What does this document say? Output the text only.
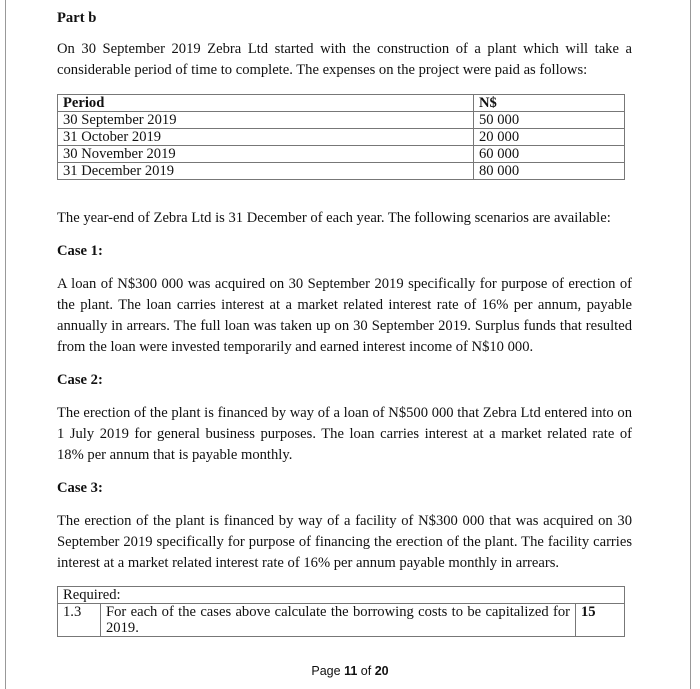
Part b
On 30 September 2019 Zebra Ltd started with the construction of a plant which will take a considerable period of time to complete. The expenses on the project were paid as follows:
Period	N$
30 September 2019	50 000
31 October 2019	20 000
30 November 2019	60 000
31 December 2019	80 000
The year-end of Zebra Ltd is 31 December of each year. The following scenarios are available:
Case 1:
A loan of N$300 000 was acquired on 30 September 2019 specifically for purpose of erection of the plant. The loan carries interest at a market related interest rate of 16% per annum, payable annually in arrears. The full loan was taken up on 30 September 2019. Surplus funds that resulted from the loan were invested temporarily and earned interest income of N$10 000.
Case 2:
The erection of the plant is financed by way of a loan of N$500 000 that Zebra Ltd entered into on 1 July 2019 for general business purposes. The loan carries interest at a market related rate of 18% per annum that is payable monthly.
Case 3:
The erection of the plant is financed by way of a facility of N$300 000 that was acquired on 30 September 2019 specifically for purpose of financing the erection of the plant. The facility carries interest at a market related interest rate of 16% per annum payable monthly in arrears.
Required:
1.3	For each of the cases above calculate the borrowing costs to be capitalized for 2019.	15
Page 11 of 20
